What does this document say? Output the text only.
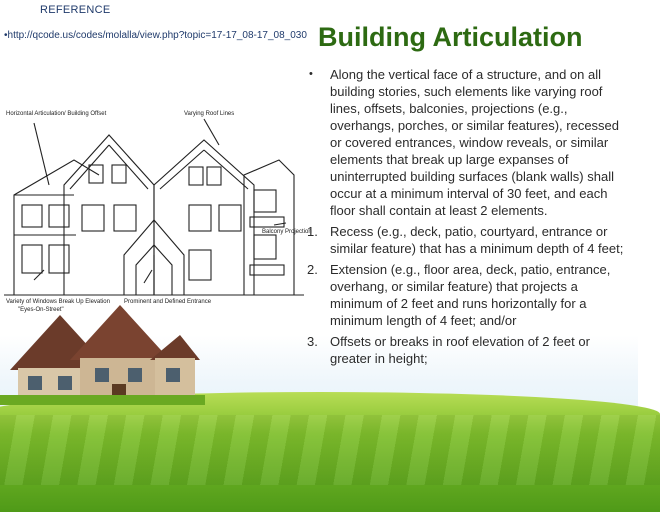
REFERENCE
•http://qcode.us/codes/molalla/view.php?topic=17-17_08-17_08_030
Horizontal Articulation/ Building Offset	Varying Roof Lines
Balcony Projection
Variety of Windows Break Up Elevation
"Eyes-On-Street"
Prominent and Defined Entrance
Building Articulation
• Along the vertical face of a structure, and on all building stories, such elements like varying roof lines, offsets, balconies, projections (e.g., overhangs, porches, or similar features), recessed or covered entrances, window reveals, or similar elements that break up large expanses of uninterrupted building surfaces (blank walls) shall occur at a minimum interval of 30 feet, and each floor shall contain at least 2 elements.
1. Recess (e.g., deck, patio, courtyard, entrance or similar feature) that has a minimum depth of 4 feet;
2. Extension (e.g., floor area, deck, patio, entrance, overhang, or similar feature) that projects a minimum of 2 feet and runs horizontally for a minimum length of 4 feet; and/or
3. Offsets or breaks in roof elevation of 2 feet or greater in height;
